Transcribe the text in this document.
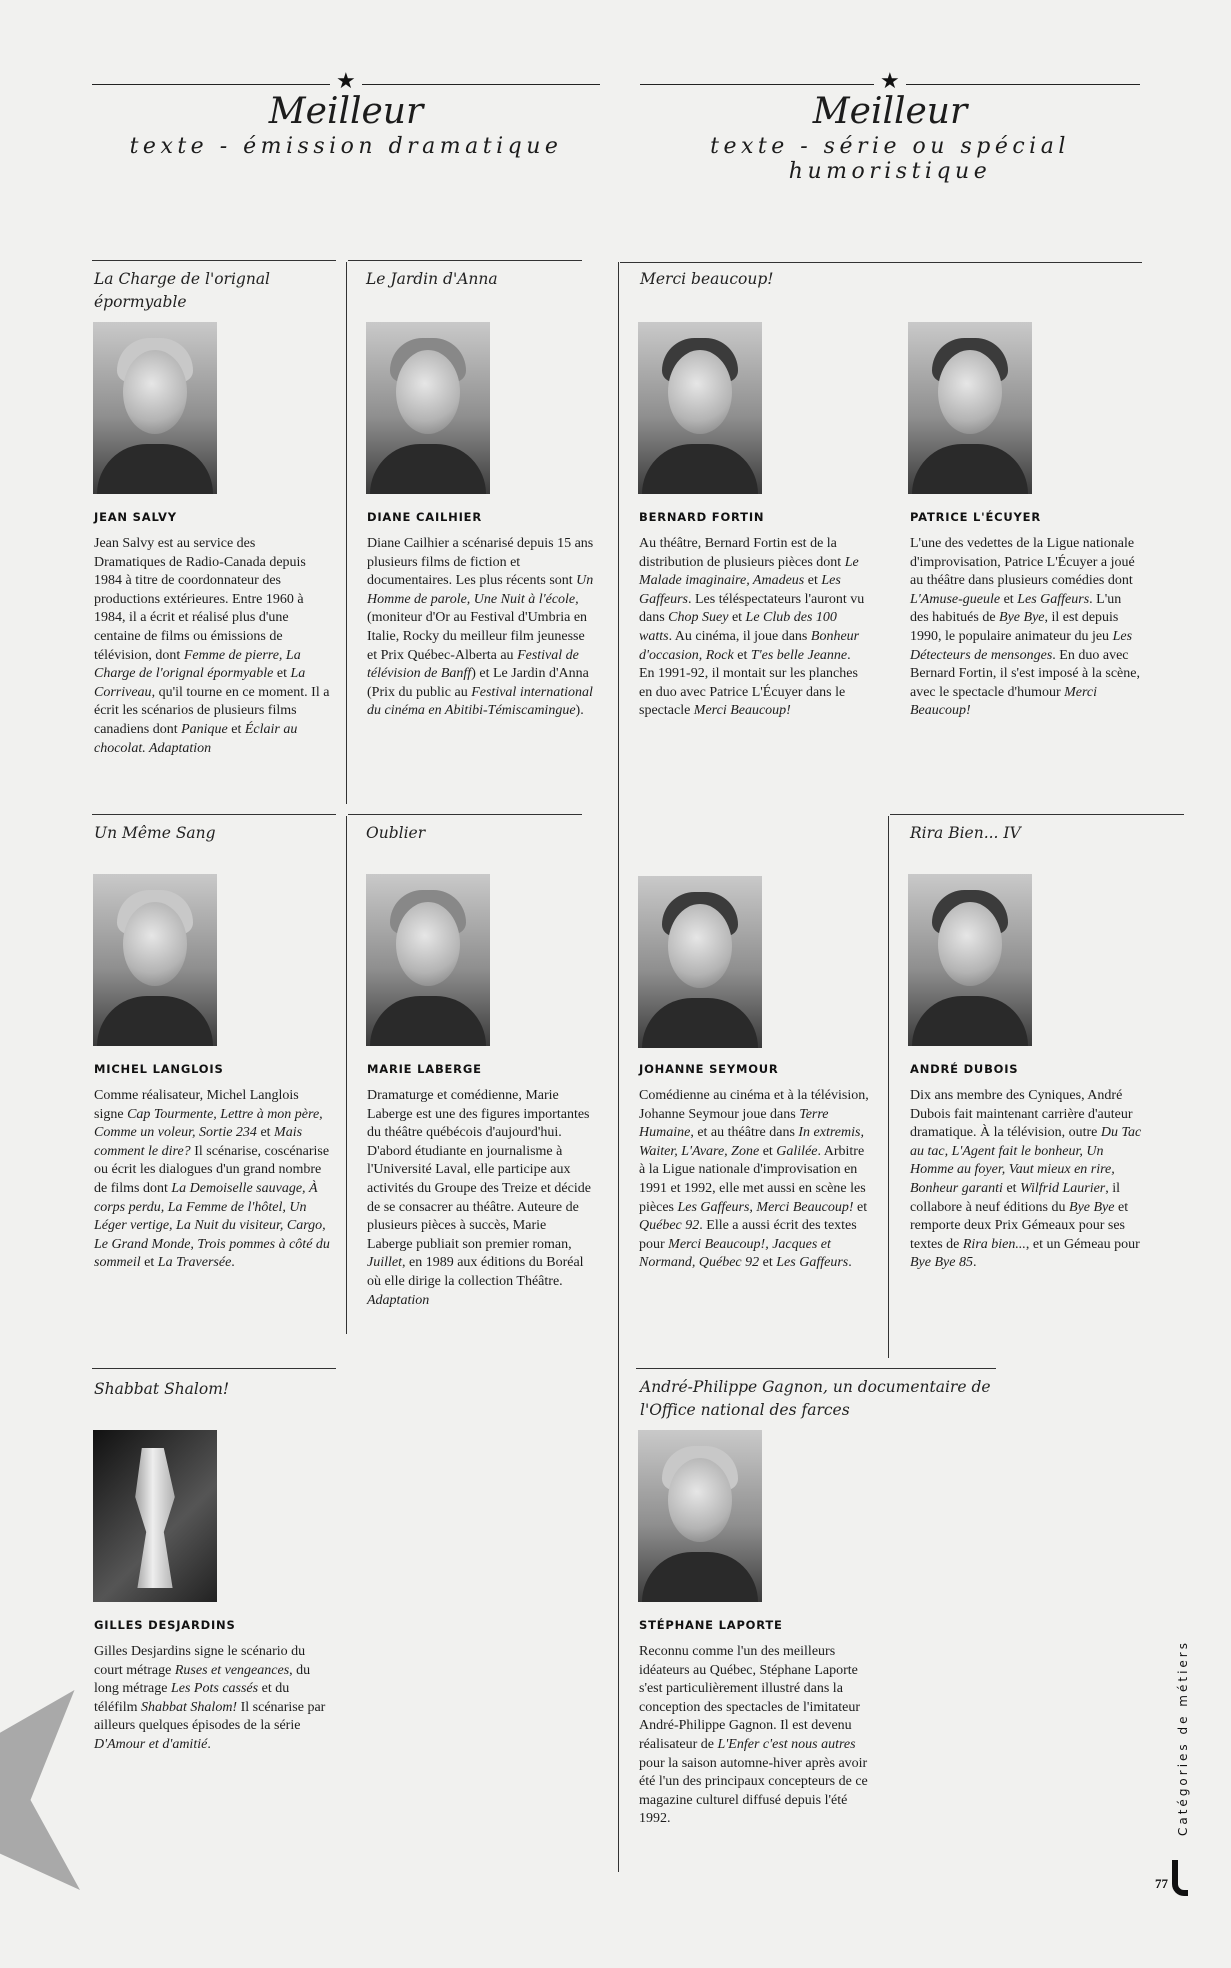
★
Meilleur
texte - émission dramatique
★
Meilleur
texte - série ou spécial humoristique
La Charge de l'orignal épormyable
JEAN SALVY

Jean Salvy est au service des Dramatiques de Radio-Canada depuis 1984 à titre de coordonnateur des productions extérieures. Entre 1960 à 1984, il a écrit et réalisé plus d'une centaine de films ou émissions de télévision, dont Femme de pierre, La Charge de l'orignal épormyable et La Corriveau, qu'il tourne en ce moment. Il a écrit les scénarios de plusieurs films canadiens dont Panique et Éclair au chocolat. Adaptation

Le Jardin d'Anna
DIANE CAILHIER

Diane Cailhier a scénarisé depuis 15 ans plusieurs films de fiction et documentaires. Les plus récents sont Un Homme de parole, Une Nuit à l'école, (moniteur d'Or au Festival d'Umbria en Italie, Rocky du meilleur film jeunesse et Prix Québec-Alberta au Festival de télévision de Banff) et Le Jardin d'Anna (Prix du public au Festival international du cinéma en Abitibi-Témiscamingue).

Merci beaucoup!
BERNARD FORTIN

Au théâtre, Bernard Fortin est de la distribution de plusieurs pièces dont Le Malade imaginaire, Amadeus et Les Gaffeurs. Les téléspectateurs l'auront vu dans Chop Suey et Le Club des 100 watts. Au cinéma, il joue dans Bonheur d'occasion, Rock et T'es belle Jeanne. En 1991-92, il montait sur les planches en duo avec Patrice L'Écuyer dans le spectacle Merci Beaucoup!

PATRICE L'ÉCUYER

L'une des vedettes de la Ligue nationale d'improvisation, Patrice L'Écuyer a joué au théâtre dans plusieurs comédies dont L'Amuse-gueule et Les Gaffeurs. L'un des habitués de Bye Bye, il est depuis 1990, le populaire animateur du jeu Les Détecteurs de mensonges. En duo avec Bernard Fortin, il s'est imposé à la scène, avec le spectacle d'humour Merci Beaucoup!

Un Même Sang
MICHEL LANGLOIS

Comme réalisateur, Michel Langlois signe Cap Tourmente, Lettre à mon père, Comme un voleur, Sortie 234 et Mais comment le dire? Il scénarise, coscénarise ou écrit les dialogues d'un grand nombre de films dont La Demoiselle sauvage, À corps perdu, La Femme de l'hôtel, Un Léger vertige, La Nuit du visiteur, Cargo, Le Grand Monde, Trois pommes à côté du sommeil et La Traversée.

Oublier
MARIE LABERGE

Dramaturge et comédienne, Marie Laberge est une des figures importantes du théâtre québécois d'aujourd'hui. D'abord étudiante en journalisme à l'Université Laval, elle participe aux activités du Groupe des Treize et décide de se consacrer au théâtre. Auteure de plusieurs pièces à succès, Marie Laberge publiait son premier roman, Juillet, en 1989 aux éditions du Boréal où elle dirige la collection Théâtre. Adaptation

JOHANNE SEYMOUR

Comédienne au cinéma et à la télévision, Johanne Seymour joue dans Terre Humaine, et au théâtre dans In extremis, Waiter, L'Avare, Zone et Galilée. Arbitre à la Ligue nationale d'improvisation en 1991 et 1992, elle met aussi en scène les pièces Les Gaffeurs, Merci Beaucoup! et Québec 92. Elle a aussi écrit des textes pour Merci Beaucoup!, Jacques et Normand, Québec 92 et Les Gaffeurs.

Rira Bien... IV
ANDRÉ DUBOIS

Dix ans membre des Cyniques, André Dubois fait maintenant carrière d'auteur dramatique. À la télévision, outre Du Tac au tac, L'Agent fait le bonheur, Un Homme au foyer, Vaut mieux en rire, Bonheur garanti et Wilfrid Laurier, il collabore à neuf éditions du Bye Bye et remporte deux Prix Gémeaux pour ses textes de Rira bien..., et un Gémeau pour Bye Bye 85.

Shabbat Shalom!
GILLES DESJARDINS

Gilles Desjardins signe le scénario du court métrage Ruses et vengeances, du long métrage Les Pots cassés et du téléfilm Shabbat Shalom! Il scénarise par ailleurs quelques épisodes de la série D'Amour et d'amitié.

André-Philippe Gagnon, un documentaire de l'Office national des farces
STÉPHANE LAPORTE

Reconnu comme l'un des meilleurs idéateurs au Québec, Stéphane Laporte s'est particulièrement illustré dans la conception des spectacles de l'imitateur André-Philippe Gagnon. Il est devenu réalisateur de L'Enfer c'est nous autres pour la saison automne-hiver après avoir été l'un des principaux concepteurs de ce magazine culturel diffusé depuis l'été 1992.	Catégories de métiers
77
